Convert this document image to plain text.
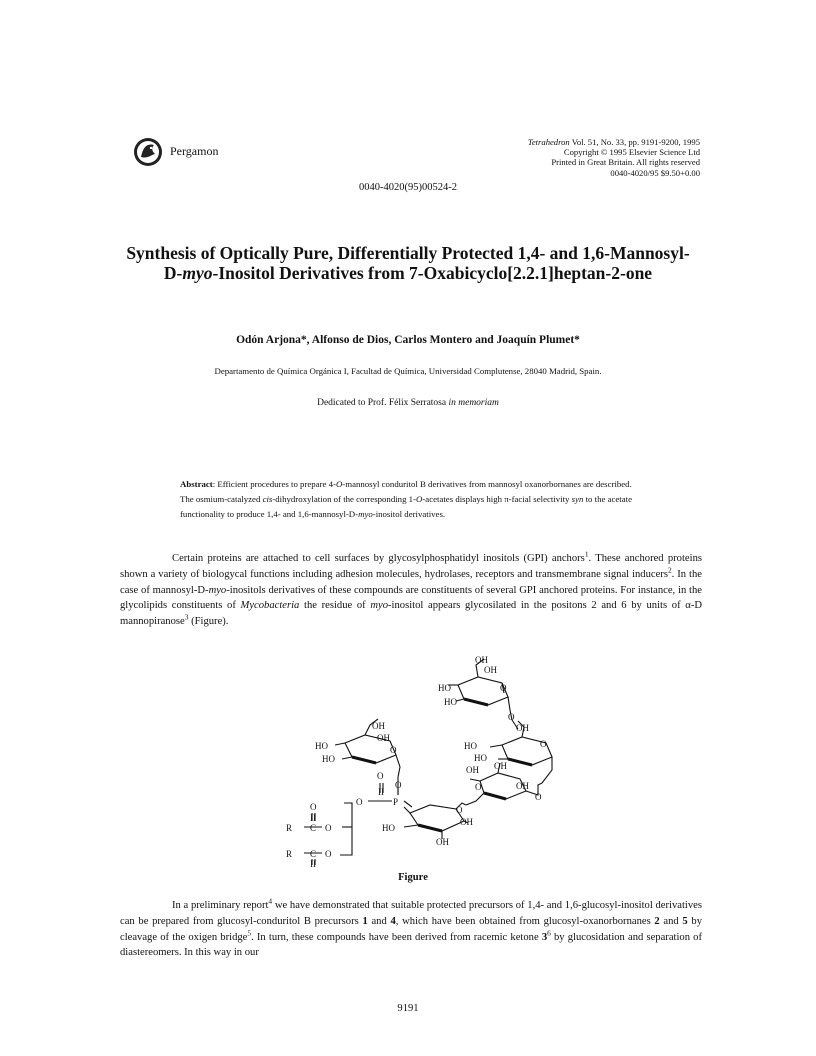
Pergamon
Tetrahedron Vol. 51, No. 33, pp. 9191-9200, 1995
Copyright © 1995 Elsevier Science Ltd
Printed in Great Britain. All rights reserved
0040-4020/95 $9.50+0.00
0040-4020(95)00524-2
Synthesis of Optically Pure, Differentially Protected 1,4- and 1,6-Mannosyl-D-myo-Inositol Derivatives from 7-Oxabicyclo[2.2.1]heptan-2-one
Odón Arjona*, Alfonso de Dios, Carlos Montero and Joaquín Plumet*
Departamento de Química Orgánica I, Facultad de Química, Universidad Complutense, 28040 Madrid, Spain.
Dedicated to Prof. Félix Serratosa in memoriam
Abstract: Efficient procedures to prepare 4-O-mannosyl conduritol B derivatives from mannosyl oxanorbornanes are described. The osmium-catalyzed cis-dihydroxylation of the corresponding 1-O-acetates displays high π-facial selectivity syn to the acetate functionality to produce 1,4- and 1,6-mannosyl-D-myo-inositol derivatives.
Certain proteins are attached to cell surfaces by glycosylphosphatidyl inositols (GPI) anchors$^1$. These anchored proteins shown a variety of biologycal functions including adhesion molecules, hydrolases, receptors and transmembrane signal inducers$^2$. In the case of mannosyl-D-myo-inositols derivatives of these compounds are constituents of several GPI anchored proteins. For instance, in the glycolipids constituents of Mycobacteria the residue of myo-inositol appears glycosilated in the positons 2 and 6 by units of α-D mannopiranose$^3$ (Figure).
OH
OH
O
HO
HO
O
OH
O
HO
HO
OH
OH
OH
O
HO
HO
O
OH
OH
O
O
O
O
II
O	P
HO
OH
OH
O
II
R C O
R C O
II
Figure
In a preliminary report$^4$ we have demonstrated that suitable protected precursors of 1,4- and 1,6-glucosyl-inositol derivatives can be prepared from glucosyl-conduritol B precursors 1 and 4, which have been obtained from glucosyl-oxanorbornanes 2 and 5 by cleavage of the oxigen bridge$^5$. In turn, these compounds have been derived from racemic ketone $3^6$ by glucosidation and separation of diastereomers. In this way in our
9191
